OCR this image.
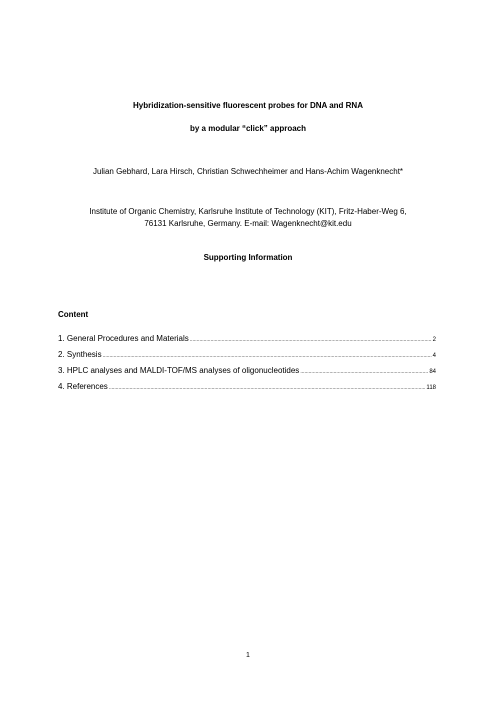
Hybridization-sensitive fluorescent probes for DNA and RNA
by a modular “click” approach
Julian Gebhard, Lara Hirsch, Christian Schwechheimer and Hans-Achim Wagenknecht*
Institute of Organic Chemistry, Karlsruhe Institute of Technology (KIT), Fritz-Haber-Weg 6,
76131 Karlsruhe, Germany. E-mail: Wagenknecht@kit.edu
Supporting Information
Content
1. General Procedures and Materials .....	2
2. Synthesis .....	4
3. HPLC analyses and MALDI-TOF/MS analyses of oligonucleotides .....	84
4. References .....	118
1
